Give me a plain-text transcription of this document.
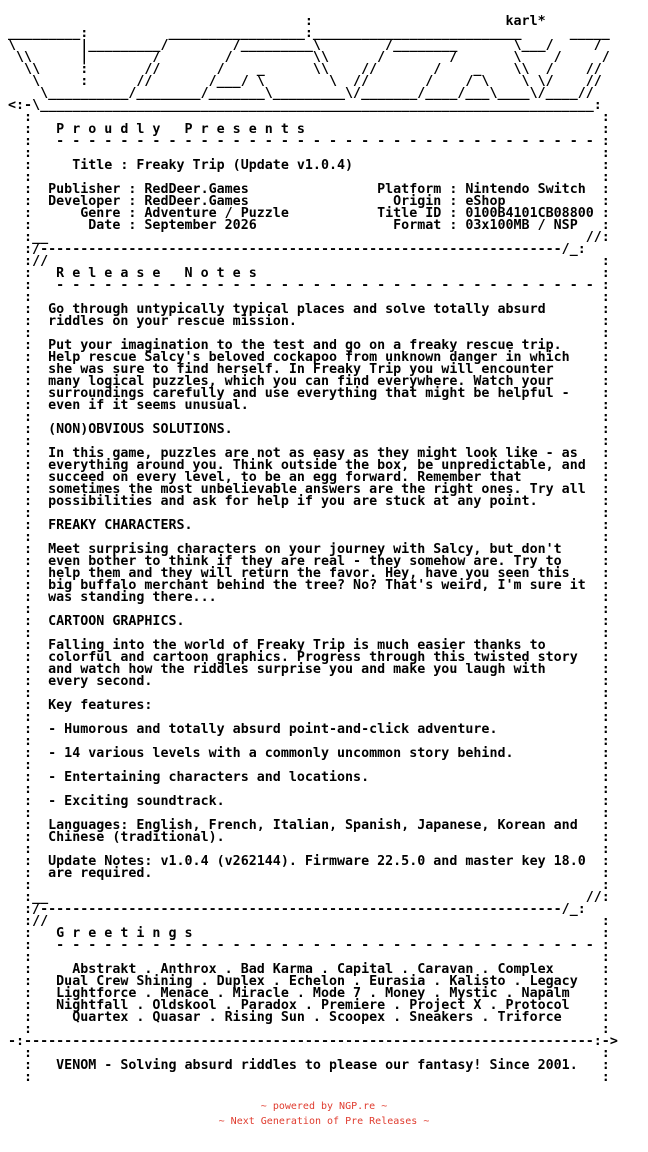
:                        karl*
_________:          _________________:__________________________      _____
\        |_________/        /_________\        /________       \___/     /
\\      |        /        /          \\      /        /       \    /     /
\\     :       //       /    _      \\    //       /    _    \\  /    //
\     :      //       /___/ \        \  //       /    / \    \ \/    //
\__________/________/_______\_________\/_______/____/___\____\/____//
<:-\_____________________________________________________________________:
:                                                                       :
:   P r o u d l y   P r e s e n t s                                     :
:   - - - - - - - - - - - - - - - - - - - - - - - - - - - - - - - - - - :
:                                                                       :
:     Title : Freaky Trip (Update v1.0.4)                               :
:                                                                       :
:  Publisher : RedDeer.Games                Platform : Nintendo Switch  :
:  Developer : RedDeer.Games                  Origin : eShop            :
:      Genre : Adventure / Puzzle           Title ID : 0100B4101CB08800 :
:       Date : September 2026                 Format : 03x100MB / NSP   :
:__                                                                   //:
:/-----------------------------------------------------------------/_:
://                                                                     :
:   R e l e a s e   N o t e s                                           :
:   - - - - - - - - - - - - - - - - - - - - - - - - - - - - - - - - - - :
:                                                                       :
:  Go through untypically typical places and solve totally absurd       :
:  riddles on your rescue mission.                                      :
:                                                                       :
:  Put your imagination to the test and go on a freaky rescue trip.     :
:  Help rescue Salcy's beloved cockapoo from unknown danger in which    :
:  she was sure to find herself. In Freaky Trip you will encounter      :
:  many logical puzzles, which you can find everywhere. Watch your      :
:  surroundings carefully and use everything that might be helpful -    :
:  even if it seems unusual.                                            :
:                                                                       :
:  (NON)OBVIOUS SOLUTIONS.                                              :
:                                                                       :
:  In this game, puzzles are not as easy as they might look like - as   :
:  everything around you. Think outside the box, be unpredictable, and  :
:  succeed on every level, to be an egg forward. Remember that          :
:  sometimes the most unbelievable answers are the right ones. Try all  :
:  possibilities and ask for help if you are stuck at any point.        :
:                                                                       :
:  FREAKY CHARACTERS.                                                   :
:                                                                       :
:  Meet surprising characters on your journey with Salcy, but don't     :
:  even bother to think if they are real - they somehow are. Try to     :
:  help them and they will return the favor. Hey, have you seen this    :
:  big buffalo merchant behind the tree? No? That's weird, I'm sure it  :
:  was standing there...                                                :
:                                                                       :
:  CARTOON GRAPHICS.                                                    :
:                                                                       :
:  Falling into the world of Freaky Trip is much easier thanks to       :
:  colorful and cartoon graphics. Progress through this twisted story   :
:  and watch how the riddles surprise you and make you laugh with       :
:  every second.                                                        :
:                                                                       :
:  Key features:                                                        :
:                                                                       :
:  - Humorous and totally absurd point-and-click adventure.             :
:                                                                       :
:  - 14 various levels with a commonly uncommon story behind.           :
:                                                                       :
:  - Entertaining characters and locations.                             :
:                                                                       :
:  - Exciting soundtrack.                                               :
:                                                                       :
:  Languages: English, French, Italian, Spanish, Japanese, Korean and   :
:  Chinese (traditional).                                               :
:                                                                       :
:  Update Notes: v1.0.4 (v262144). Firmware 22.5.0 and master key 18.0  :
:  are required.                                                        :
:                                                                       :
:__                                                                   //:
:/-----------------------------------------------------------------/_:
://                                                                     :
:   G r e e t i n g s                                                   :
:   - - - - - - - - - - - - - - - - - - - - - - - - - - - - - - - - - - :
:                                                                       :
:     Abstrakt . Anthrox . Bad Karma . Capital . Caravan . Complex      :
:   Dual Crew Shining . Duplex . Echelon . Eurasia . Kalisto . Legacy   :
:   Lightforce . Menace . Miracle . Mode 7 . Money . Mystic . Napalm    :
:   Nightfall . Oldskool . Paradox . Premiere . Project X . Protocol    :
:     Quartex . Quasar . Rising Sun . Scoopex . Sneakers . Triforce     :
:                                                                       :
-:-----------------------------------------------------------------------:->
:                                                                       :
:   VENOM - Solving absurd riddles to please our fantasy! Since 2001.   :
:                                                                       :
~ powered by NGP.re ~
~ Next Generation of Pre Releases ~
